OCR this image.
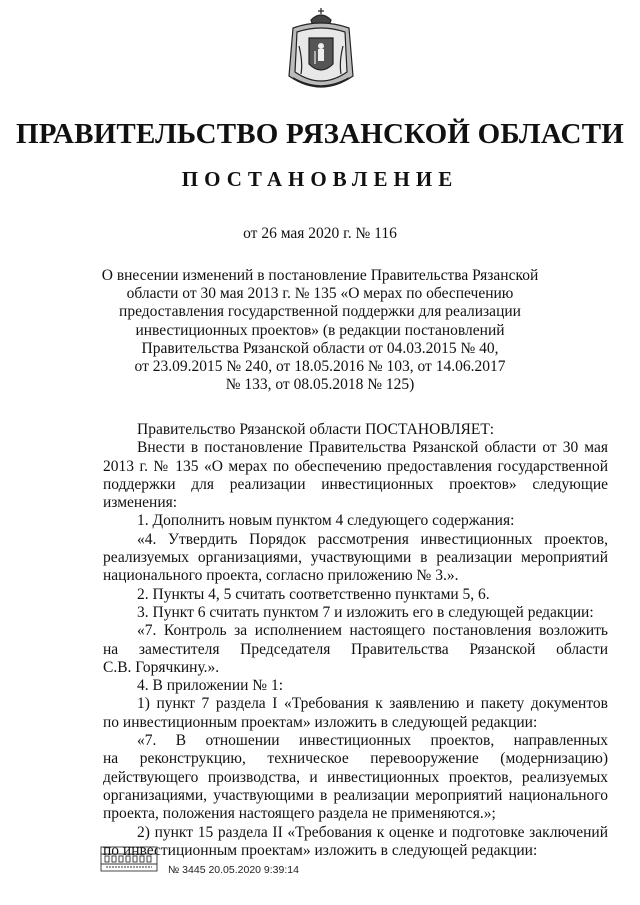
ПРАВИТЕЛЬСТВО РЯЗАНСКОЙ ОБЛАСТИ
ПОСТАНОВЛЕНИЕ
от 26 мая 2020 г. № 116
О внесении изменений в постановление Правительства Рязанской
области от 30 мая 2013 г. № 135 «О мерах по обеспечению
предоставления государственной поддержки для реализации
инвестиционных проектов» (в редакции постановлений
Правительства Рязанской области от 04.03.2015 № 40,
от 23.09.2015 № 240, от 18.05.2016 № 103, от 14.06.2017
№ 133, от 08.05.2018 № 125)
Правительство Рязанской области ПОСТАНОВЛЯЕТ:
Внести в постановление Правительства Рязанской области от 30 мая
2013 г. № 135 «О мерах по обеспечению предоставления государственной
поддержки для реализации инвестиционных проектов» следующие
изменения:
1. Дополнить новым пунктом 4 следующего содержания:
«4. Утвердить Порядок рассмотрения инвестиционных проектов,
реализуемых организациями, участвующими в реализации мероприятий
национального проекта, согласно приложению № 3.».
2. Пункты 4, 5 считать соответственно пунктами 5, 6.
3. Пункт 6 считать пунктом 7 и изложить его в следующей редакции:
«7. Контроль за исполнением настоящего постановления возложить
на заместителя Председателя Правительства Рязанской области
С.В. Горячкину.».
4. В приложении № 1:
1) пункт 7 раздела I «Требования к заявлению и пакету документов
по инвестиционным проектам» изложить в следующей редакции:
«7. В отношении инвестиционных проектов, направленных
на реконструкцию, техническое перевооружение (модернизацию)
действующего производства, и инвестиционных проектов, реализуемых
организациями, участвующими в реализации мероприятий национального
проекта, положения настоящего раздела не применяются.»;
2) пункт 15 раздела II «Требования к оценке и подготовке заключений
по инвестиционным проектам» изложить в следующей редакции:
№ 3445 20.05.2020 9:39:14
